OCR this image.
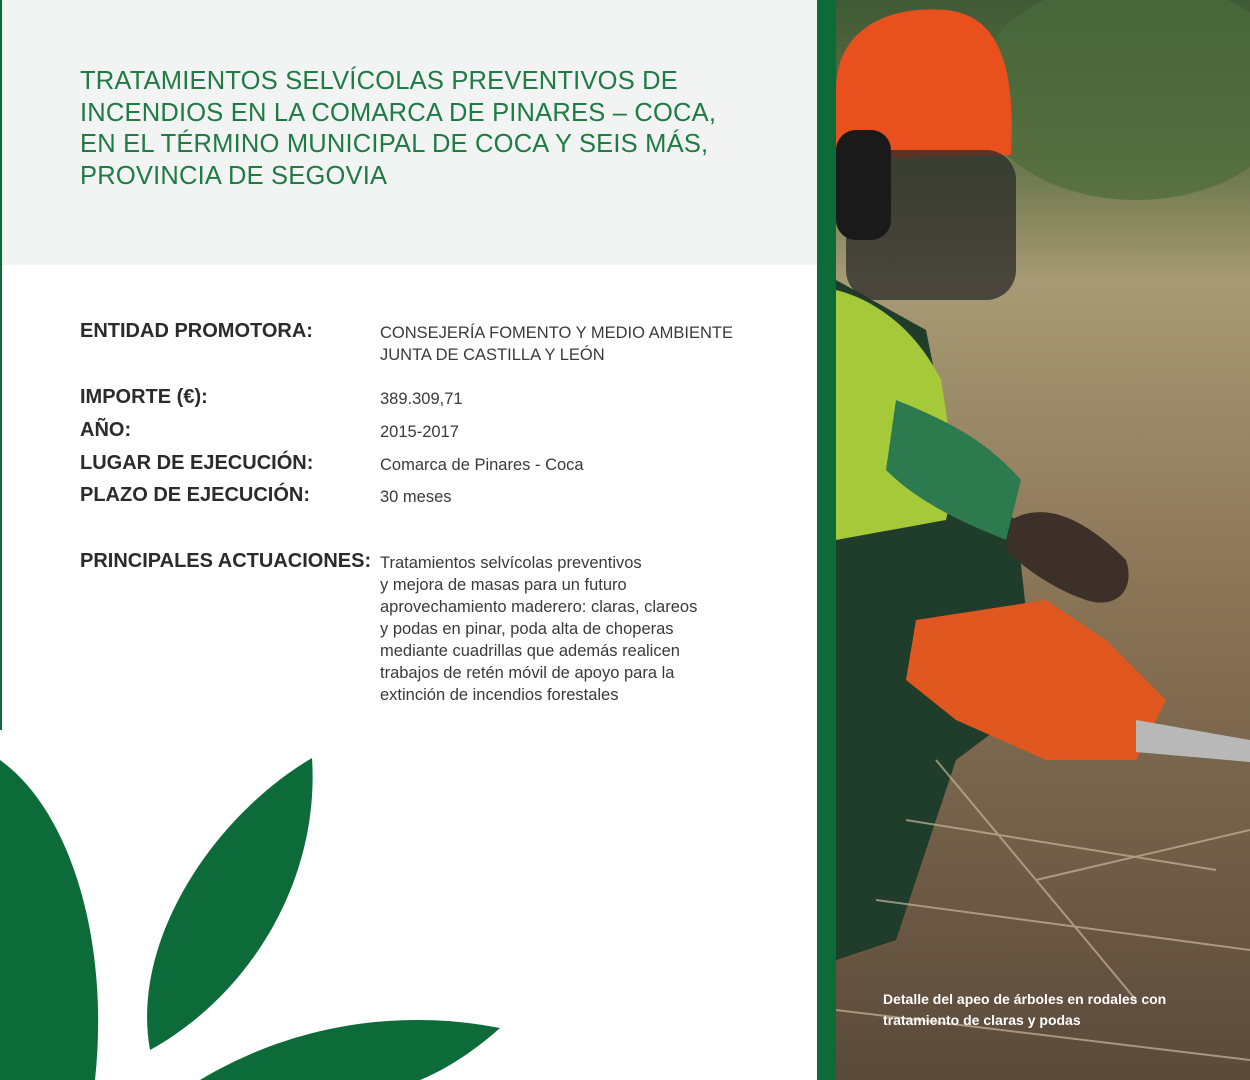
TRATAMIENTOS SELVÍCOLAS PREVENTIVOS DE
INCENDIOS EN LA COMARCA DE PINARES – COCA,
EN EL TÉRMINO MUNICIPAL DE COCA Y SEIS MÁS,
PROVINCIA DE SEGOVIA
ENTIDAD PROMOTORA:	CONSEJERÍA FOMENTO Y MEDIO AMBIENTE
JUNTA DE CASTILLA Y LEÓN
IMPORTE (€):	389.309,71
AÑO:	2015-2017
LUGAR DE EJECUCIÓN:	Comarca de Pinares - Coca
PLAZO DE EJECUCIÓN:	30 meses
PRINCIPALES ACTUACIONES: Tratamientos selvícolas preventivos
y mejora de masas para un futuro
aprovechamiento maderero: claras, clareos
y podas en pinar, poda alta de choperas
mediante cuadrillas que además realicen
trabajos de retén móvil de apoyo para la
extinción de incendios forestales
Detalle del apeo de árboles en rodales con
tratamiento de claras y podas
